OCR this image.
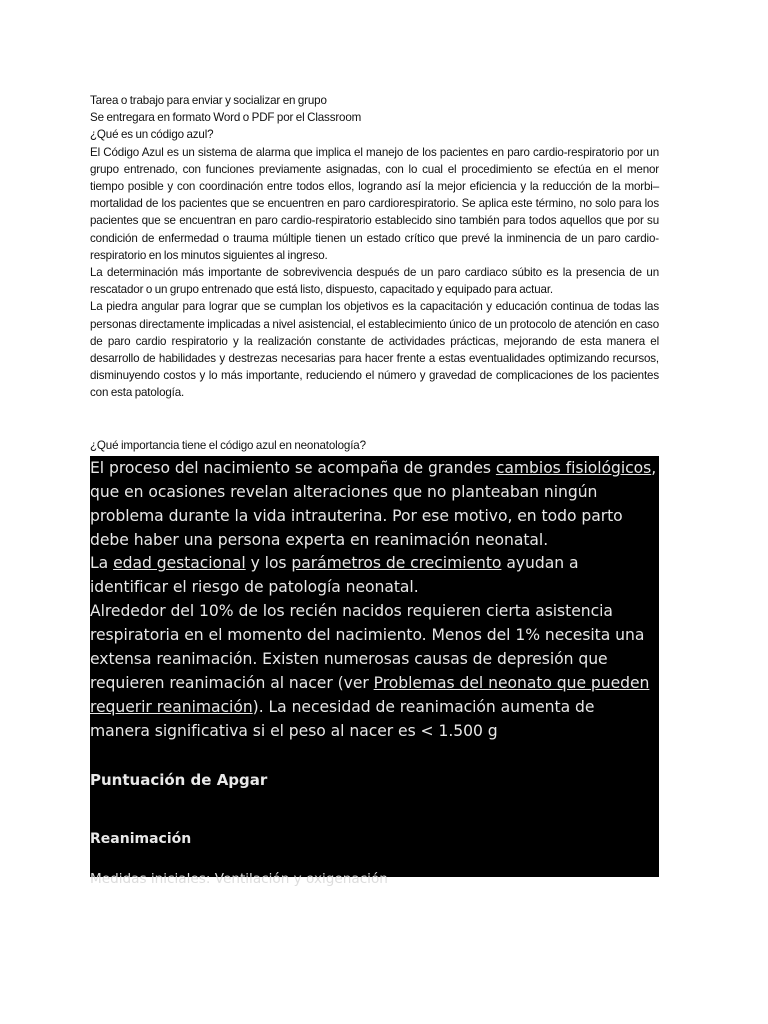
Tarea o trabajo para enviar y socializar en grupo

Se entregara en formato Word o PDF por el Classroom

¿Qué es un código azul?

El Código Azul es un sistema de alarma que implica el manejo de los pacientes en paro cardio-respiratorio por un grupo entrenado, con funciones previamente asignadas, con lo cual el procedimiento se efectúa en el menor tiempo posible y con coordinación entre todos ellos, logrando así la mejor eficiencia y la reducción de la morbi–mortalidad de los pacientes que se encuentren en paro cardiorespiratorio. Se aplica este término, no solo para los pacientes que se encuentran en paro cardio-respiratorio establecido sino también para todos aquellos que por su condición de enfermedad o trauma múltiple tienen un estado crítico que prevé la inminencia de un paro cardio-respiratorio en los minutos siguientes al ingreso.

La determinación más importante de sobrevivencia después de un paro cardiaco súbito es la presencia de un rescatador o un grupo entrenado que está listo, dispuesto, capacitado y equipado para actuar.

La piedra angular para lograr que se cumplan los objetivos es la capacitación y educación continua de todas las personas directamente implicadas a nivel asistencial, el establecimiento único de un protocolo de atención en caso de paro cardio respiratorio y la realización constante de actividades prácticas, mejorando de esta manera el desarrollo de habilidades y destrezas necesarias para hacer frente a estas eventualidades optimizando recursos, disminuyendo costos y lo más importante, reduciendo el número y gravedad de complicaciones de los pacientes con esta patología.

¿Qué importancia tiene el código azul en neonatología?

El proceso del nacimiento se acompaña de grandes cambios fisiológicos, que en ocasiones revelan alteraciones que no planteaban ningún problema durante la vida intrauterina. Por ese motivo, en todo parto debe haber una persona experta en reanimación neonatal.

La edad gestacional y los parámetros de crecimiento ayudan a identificar el riesgo de patología neonatal.

Alrededor del 10% de los recién nacidos requieren cierta asistencia respiratoria en el momento del nacimiento. Menos del 1% necesita una extensa reanimación. Existen numerosas causas de depresión que requieren reanimación al nacer (ver Problemas del neonato que pueden requerir reanimación). La necesidad de reanimación aumenta de manera significativa si el peso al nacer es < 1.500 g

Puntuación de Apgar
Reanimación

Medidas iniciales: Ventilación y oxigenación
